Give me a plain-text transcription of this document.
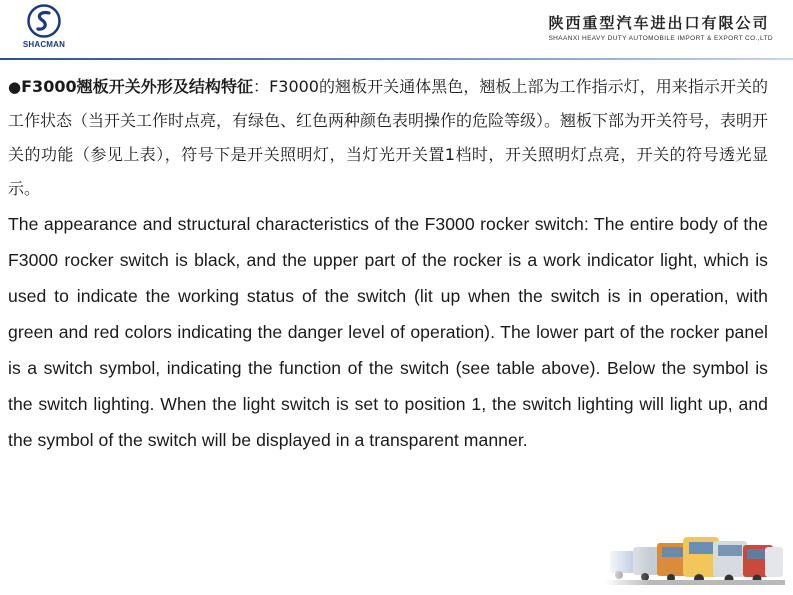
SHACMAN
陕西重型汽车进出口有限公司
SHAANXI HEAVY DUTY AUTOMOBILE IMPORT & EXPORT CO.,LTD

●F3000翘板开关外形及结构特征：F3000的翘板开关通体黑色，翘板上部为工作指示灯，用来指示开关的工作状态（当开关工作时点亮，有绿色、红色两种颜色表明操作的危险等级）。翘板下部为开关符号，表明开关的功能（参见上表），符号下是开关照明灯，当灯光开关置1档时，开关照明灯点亮，开关的符号透光显示。

The appearance and structural characteristics of the F3000 rocker switch: The entire body of the F3000 rocker switch is black, and the upper part of the rocker is a work indicator light, which is used to indicate the working status of the switch (lit up when the switch is in operation, with green and red colors indicating the danger level of operation). The lower part of the rocker panel is a switch symbol, indicating the function of the switch (see table above). Below the symbol is the switch lighting. When the light switch is set to position 1, the switch lighting will light up, and the symbol of the switch will be displayed in a transparent manner.
